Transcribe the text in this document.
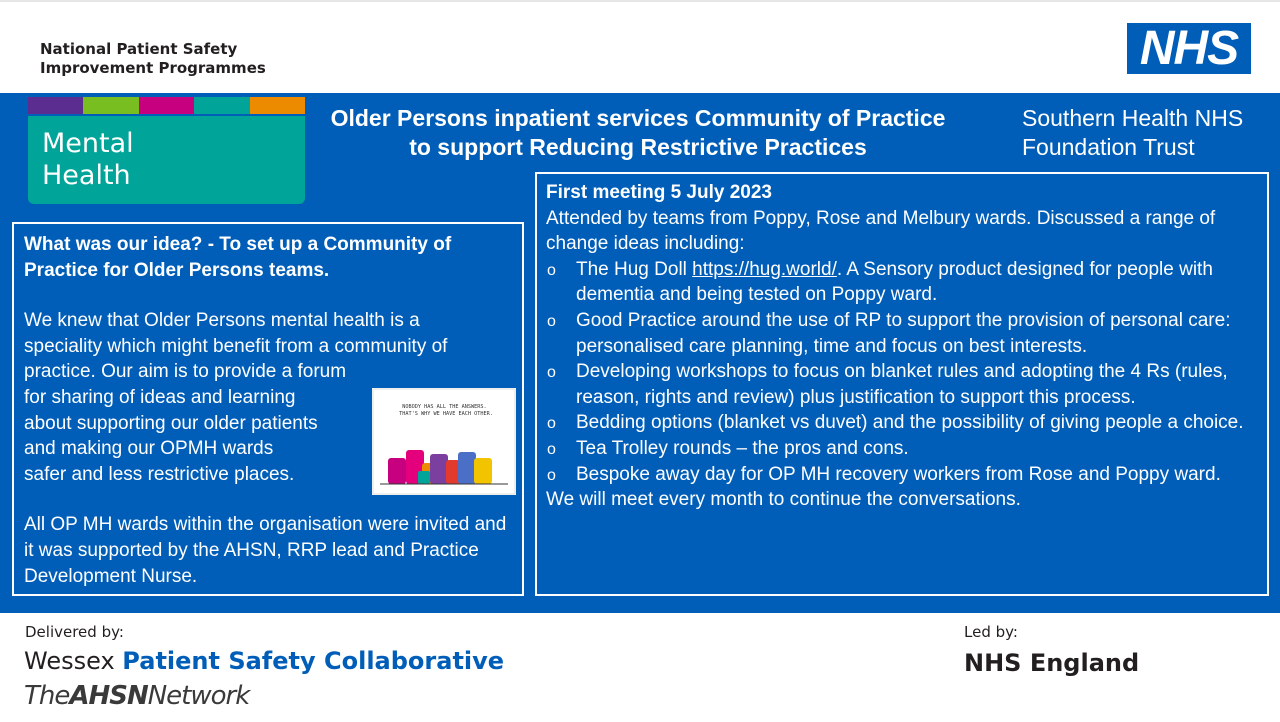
National Patient Safety
Improvement Programmes	NHS
Mental
Health
Older Persons inpatient services Community of Practice
to support Reducing Restrictive Practices
Southern Health NHS
Foundation Trust

What was our idea? - To set up a Community of Practice for Older Persons teams.

We knew that Older Persons mental health is a
speciality which might benefit from a community of
practice. Our aim is to provide a forum
for sharing of ideas and learning
about supporting our older patients
and making our OPMH wards
safer and less restrictive places.

All OP MH wards within the organisation were invited and it was supported by the AHSN, RRP lead and Practice Development Nurse.

NOBODY HAS ALL THE ANSWERS. THAT'S WHY WE HAVE EACH OTHER.
First meeting 5 July 2023
Attended by teams from Poppy, Rose and Melbury wards. Discussed a range of change ideas including:
o The Hug Doll https://hug.world/. A Sensory product designed for people with dementia and being tested on Poppy ward.
o Good Practice around the use of RP to support the provision of personal care: personalised care planning, time and focus on best interests.
o Developing workshops to focus on blanket rules and adopting the 4 Rs (rules, reason, rights and review) plus justification to support this process.
o Bedding options (blanket vs duvet) and the possibility of giving people a choice.
o Tea Trolley rounds – the pros and cons.
o Bespoke away day for OP MH recovery workers from Rose and Poppy ward.
We will meet every month to continue the conversations.
Delivered by:
Wessex Patient Safety Collaborative
TheAHSNNetwork
Led by:
NHS England
